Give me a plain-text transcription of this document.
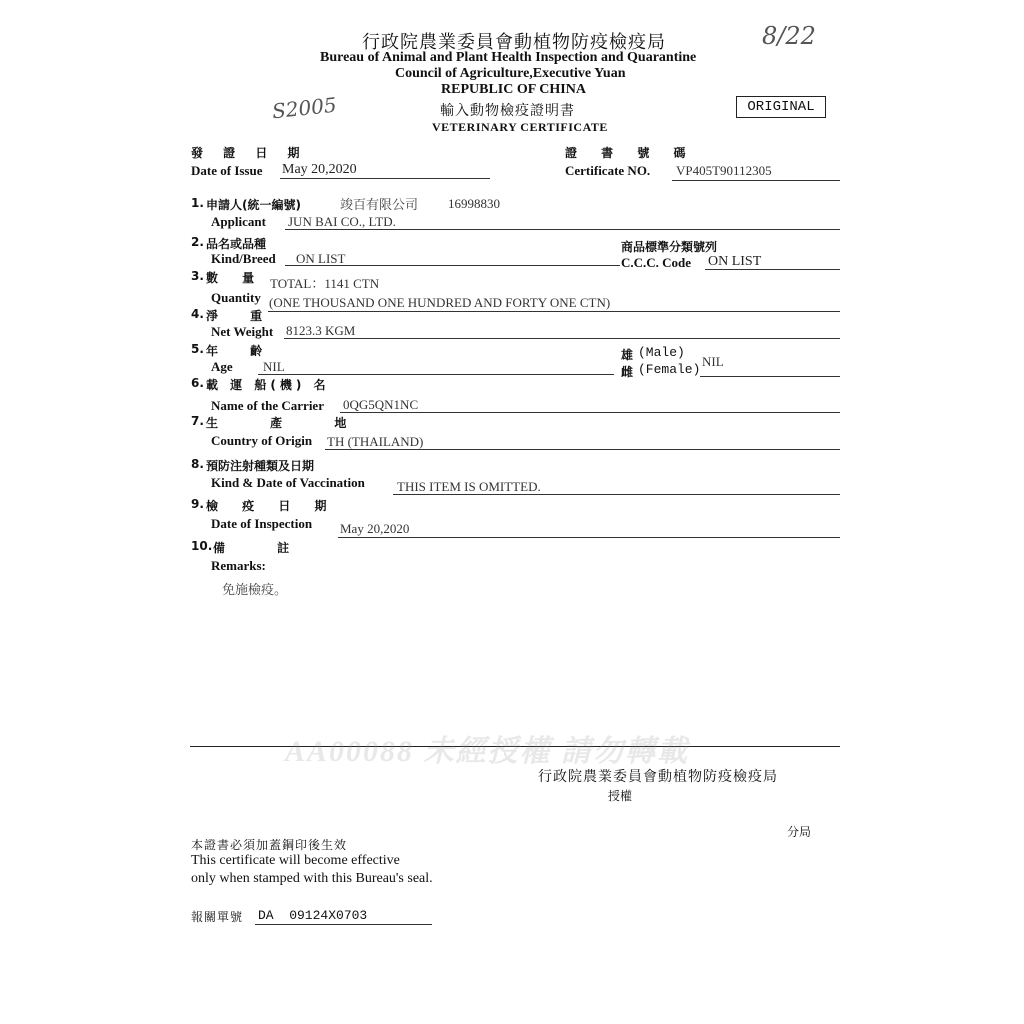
行政院農業委員會動植物防疫檢疫局
Bureau of Animal and Plant Health Inspection and Quarantine
Council of Agriculture,Executive Yuan
REPUBLIC OF CHINA
輸入動物檢疫證明書
VETERINARY CERTIFICATE
ORIGINAL
8/22
S2005
發 證 日 期
Date of Issue May 20,2020
證 書 號 碼
Certificate NO. VP405T90112305
1. 申請人(統一編號)	竣百有限公司 16998830
Applicant JUN BAI CO., LTD.
2. 品名或品種
Kind/Breed ON LIST
商品標準分類號列
C.C.C. Code ON LIST
3. 數 量 TOTAL：1141 CTN
Quantity (ONE THOUSAND ONE HUNDRED AND FORTY ONE CTN)
4. 淨 重
Net Weight 8123.3 KGM
5. 年 齡
Age NIL
雄 (Male)
雌 (Female)
NIL
6. 載 運 船(機) 名
Name of the Carrier 0QG5QN1NC
7. 生 產 地
Country of Origin TH (THAILAND)
8. 預防注射種類及日期
Kind & Date of Vaccination THIS ITEM IS OMITTED.
9. 檢 疫 日 期
Date of Inspection May 20,2020
10. 備 註
Remarks:
免施檢疫。
AA00088 未經授權 請勿轉載
行政院農業委員會動植物防疫檢疫局
授權
分局
本證書必須加蓋鋼印後生效
This certificate will become effective
only when stamped with this Bureau's seal.
報關單號 DA  09124X0703
